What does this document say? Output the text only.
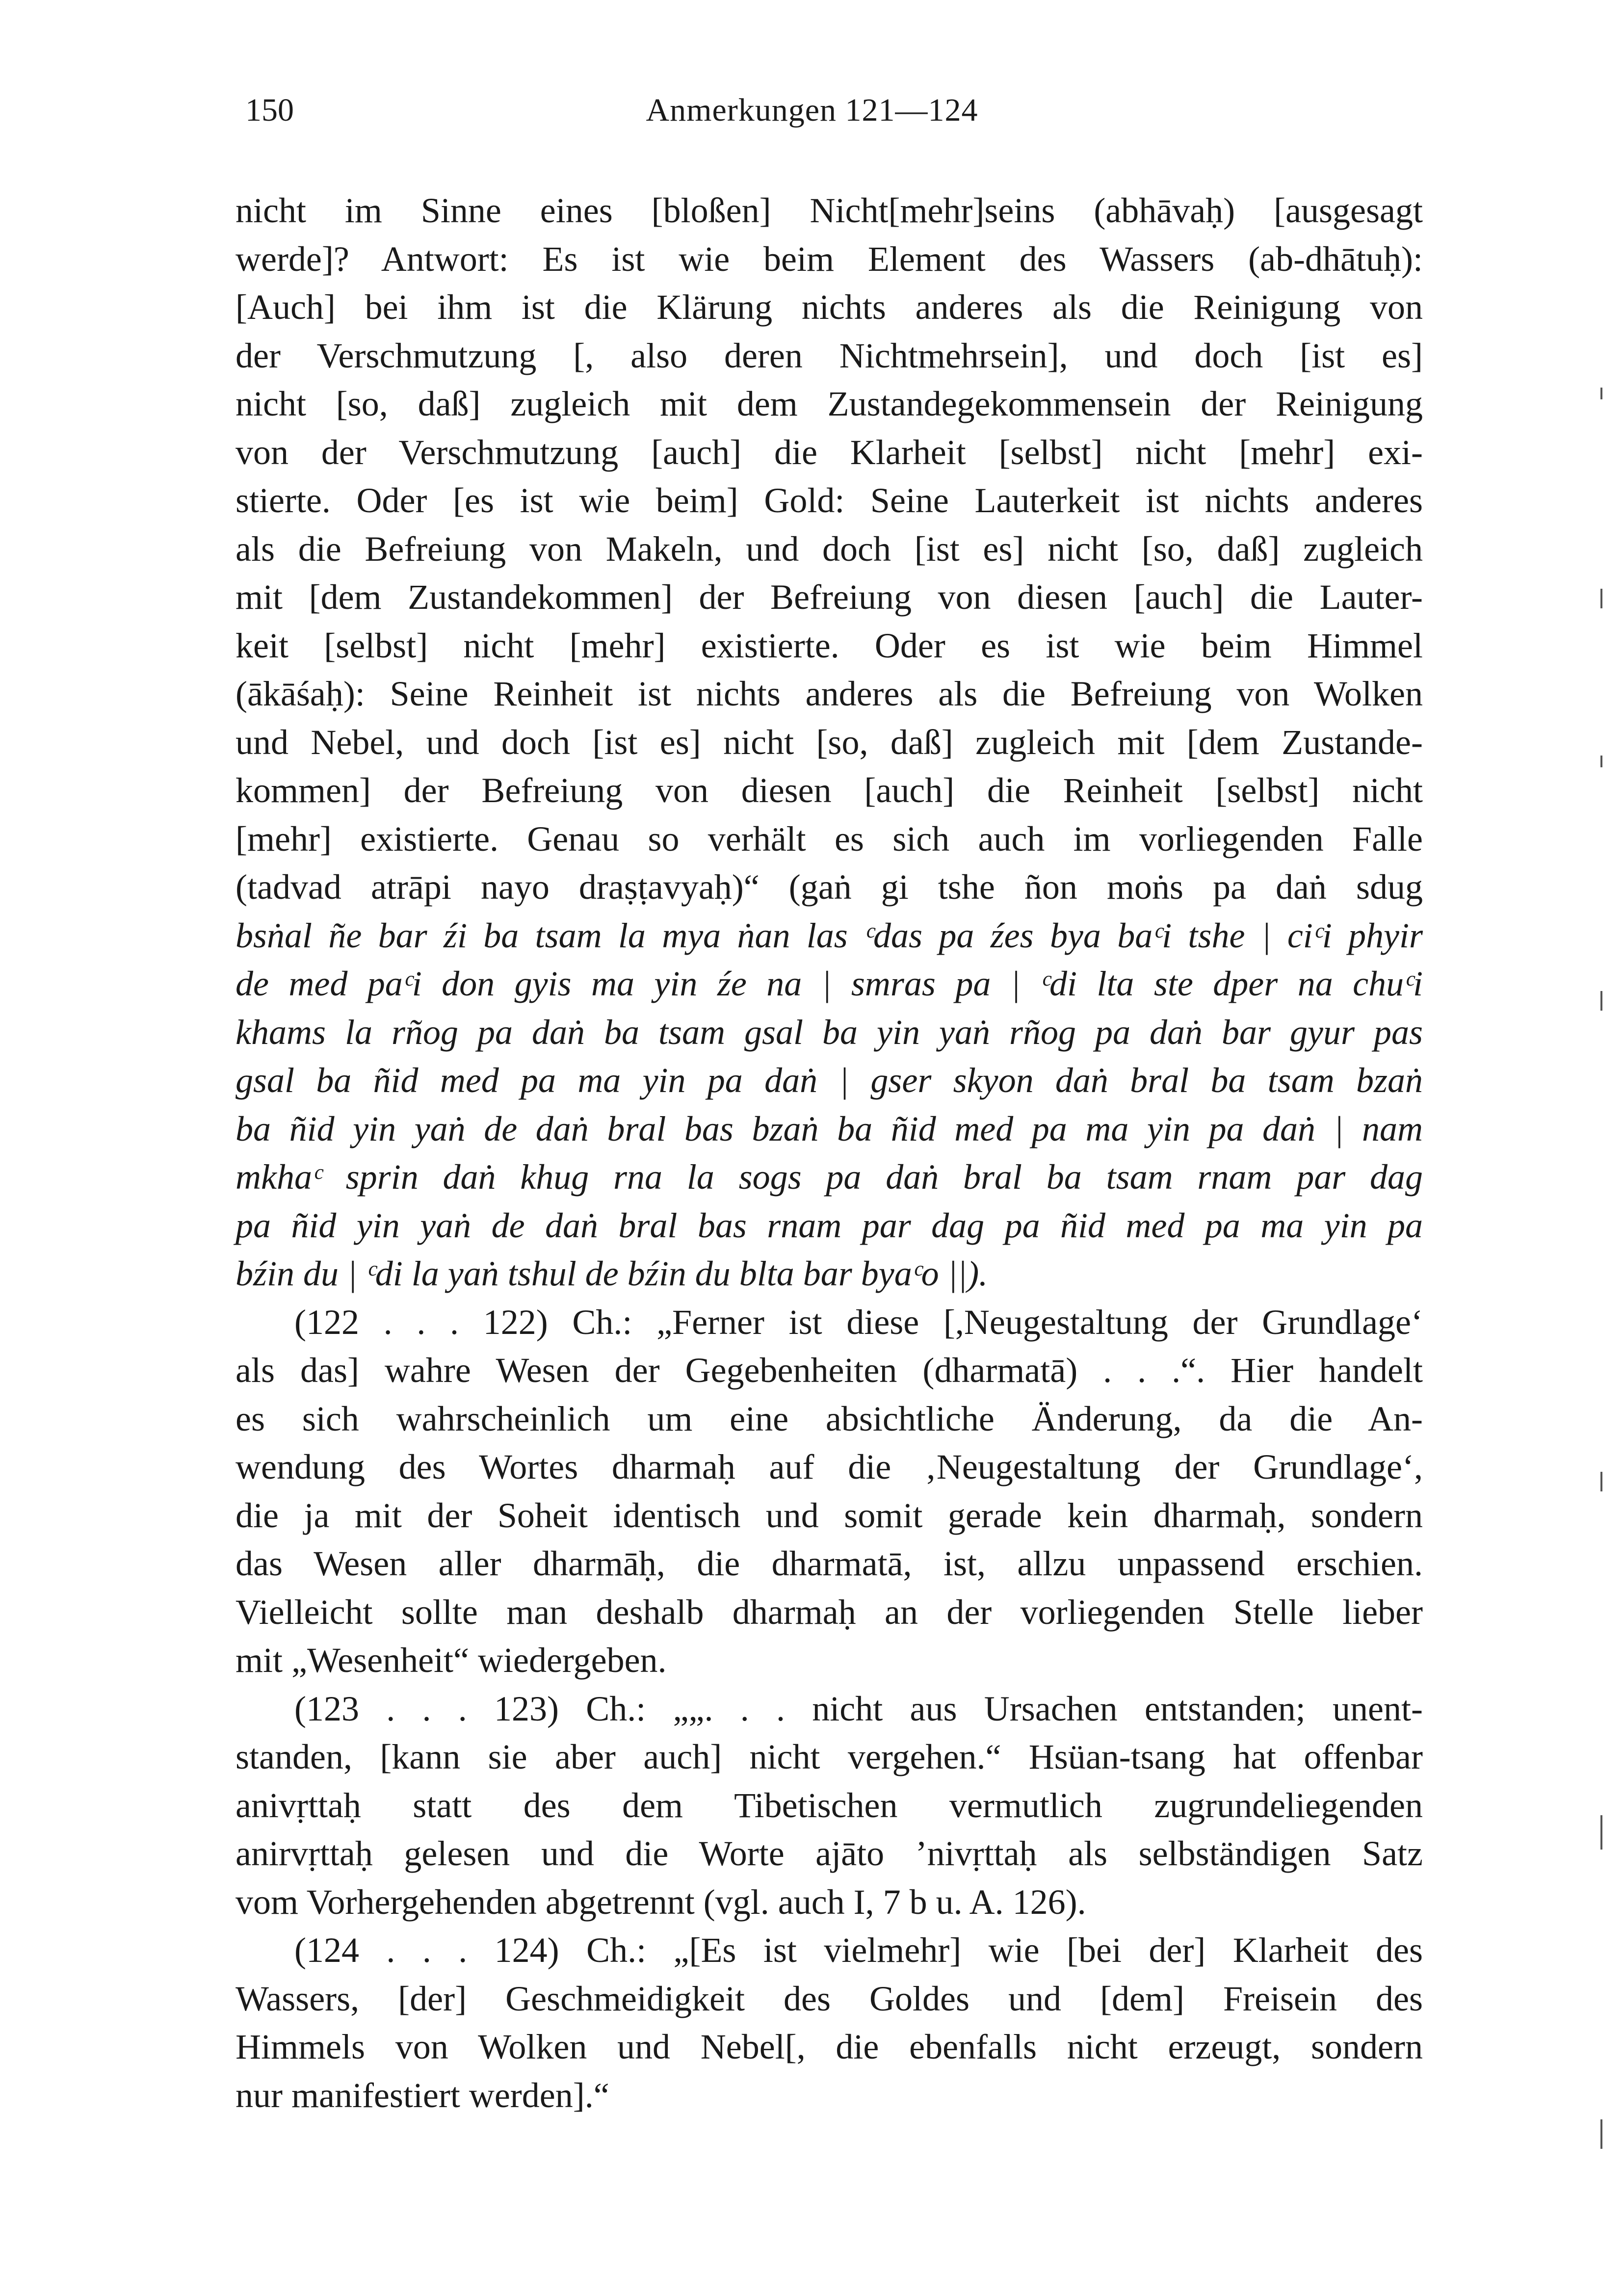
150	Anmerkungen 121—124
nicht im Sinne eines [bloßen] Nicht[mehr]seins (abhāvaḥ) [ausgesagt
werde]? Antwort: Es ist wie beim Element des Wassers (ab-dhātuḥ):
[Auch] bei ihm ist die Klärung nichts anderes als die Reinigung von
der Verschmutzung [, also deren Nichtmehrsein], und doch [ist es]
nicht [so, daß] zugleich mit dem Zustandegekommensein der Reinigung
von der Verschmutzung [auch] die Klarheit [selbst] nicht [mehr] exi-
stierte. Oder [es ist wie beim] Gold: Seine Lauterkeit ist nichts anderes
als die Befreiung von Makeln, und doch [ist es] nicht [so, daß] zugleich
mit [dem Zustandekommen] der Befreiung von diesen [auch] die Lauter-
keit [selbst] nicht [mehr] existierte. Oder es ist wie beim Himmel
(ākāśaḥ): Seine Reinheit ist nichts anderes als die Befreiung von Wolken
und Nebel, und doch [ist es] nicht [so, daß] zugleich mit [dem Zustande-
kommen] der Befreiung von diesen [auch] die Reinheit [selbst] nicht
[mehr] existierte. Genau so verhält es sich auch im vorliegenden Falle
(tadvad atrāpi nayo draṣṭavyaḥ)“ (gaṅ gi tshe ñon moṅs pa daṅ sdug
bsṅal ñe bar źi ba tsam la mya ṅan las ᶜdas pa źes bya baᶜi tshe | ciᶜi phyir
de med paᶜi don gyis ma yin źe na | smras pa | ᶜdi lta ste dper na chuᶜi
khams la rñog pa daṅ ba tsam gsal ba yin yaṅ rñog pa daṅ bar gyur pas
gsal ba ñid med pa ma yin pa daṅ | gser skyon daṅ bral ba tsam bzaṅ
ba ñid yin yaṅ de daṅ bral bas bzaṅ ba ñid med pa ma yin pa daṅ | nam
mkhaᶜ sprin daṅ khug rna la sogs pa daṅ bral ba tsam rnam par dag
pa ñid yin yaṅ de daṅ bral bas rnam par dag pa ñid med pa ma yin pa
bźin du | ᶜdi la yaṅ tshul de bźin du blta bar byaᶜo ||).
(122 . . . 122) Ch.: „Ferner ist diese [,Neugestaltung der Grundlage‘
als das] wahre Wesen der Gegebenheiten (dharmatā) . . .“. Hier handelt
es sich wahrscheinlich um eine absichtliche Änderung, da die An-
wendung des Wortes dharmaḥ auf die ‚Neugestaltung der Grundlage‘,
die ja mit der Soheit identisch und somit gerade kein dharmaḥ, sondern
das Wesen aller dharmāḥ, die dharmatā, ist, allzu unpassend erschien.
Vielleicht sollte man deshalb dharmaḥ an der vorliegenden Stelle lieber
mit „Wesenheit“ wiedergeben.
(123 . . . 123) Ch.: „„. . . nicht aus Ursachen entstanden; unent-
standen, [kann sie aber auch] nicht vergehen.“ Hsüan-tsang hat offenbar
anivṛttaḥ statt des dem Tibetischen vermutlich zugrundeliegenden
anirvṛttaḥ gelesen und die Worte ajāto ’nivṛttaḥ als selbständigen Satz
vom Vorhergehenden abgetrennt (vgl. auch I, 7 b u. A. 126).
(124 . . . 124) Ch.: „[Es ist vielmehr] wie [bei der] Klarheit des
Wassers, [der] Geschmeidigkeit des Goldes und [dem] Freisein des
Himmels von Wolken und Nebel[, die ebenfalls nicht erzeugt, sondern
nur manifestiert werden].“
